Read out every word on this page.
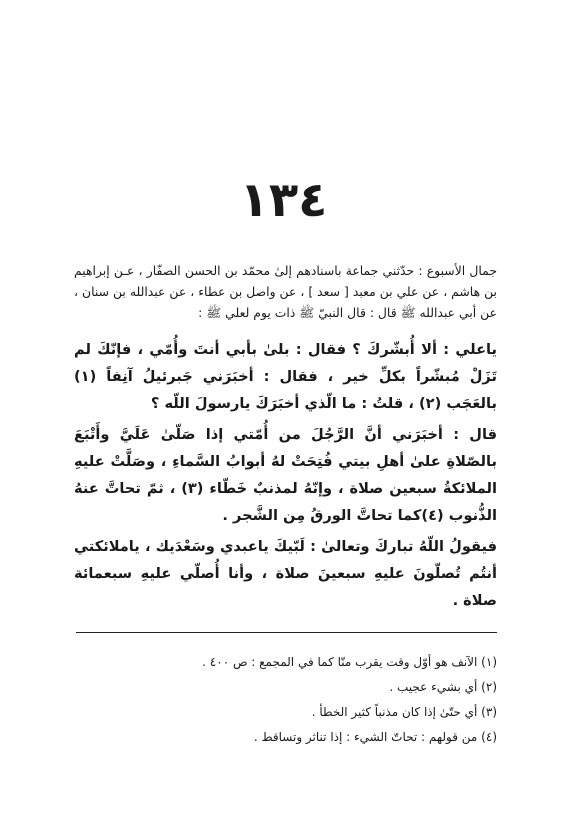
١٣٤
جمال الأسبوع : حدّثني جماعة باسنادهم إلىٰ محمّد بن الحسن الصفّار ، عـن إبراهيم بن هاشم ، عن علي بن معبد [ سعد ] ، عن واصل بن عطاء ، عن عبدالله بن سنان ، عن أبي عبدالله ﷺ قال : قال النبيّ ﷺ ذات يوم لعلي ﷺ :

ياعلي : ألا أُبشّركَ ؟ فقال : بلىٰ بأبي أنتَ وأُمّي ، فإنّكَ لم تَزَلْ مُبشّراً بكلِّ خير ، فقال : أخبَرَني جَبرئيلُ آنِفاً (١) بالعَجَب (٢) ، قلتُ : ما الّذي أخبَرَكَ يارسولَ اللّه ؟

قال : أخبَرَني أنَّ الرَّجُلَ من أُمّتي إذا صَلّىٰ عَلَيَّ وأَتْبَعَ بالصّلاةِ علىٰ أهلِ بيتي فُتِحَتْ لهُ أبوابُ السَّماءِ ، وصَلَّتْ عليهِ الملائكةُ سبعين صلاة ، وإنّهُ لمذنبٌ خَطّاء (٣) ، ثمّ تحاتَّ عنهُ الذُّنوب (٤)كما تحاتَّ الورقُ مِن الشَّجر .

فيقولُ اللّهُ تباركَ وتعالىٰ : لَبّيكَ ياعبدي وسَعْدَيك ، ياملائكتي أنتُم تُصلّونَ عليهِ سبعينَ صلاة ، وأنا أُصلّي عليهِ سبعمائة صلاة .

(١) الآنف هو أوّل وقت يقرب منّا كما في المجمع : ص ٤٠٠ .

(٢) أي بشيء عجيب .

(٣) أي حتّىٰ إذا كان مذنباً كثير الخطأ .

(٤) من قولهم : تحاتّ الشيء : إذا تناثر وتساقط .
